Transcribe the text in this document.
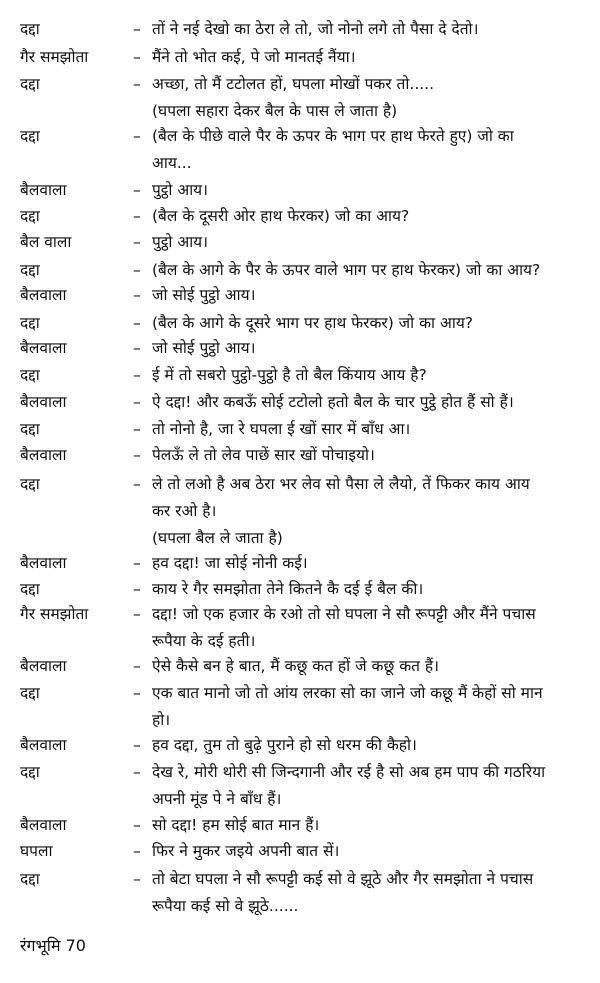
दद्दा	– तों ने नई देखो का ठेरा ले तो, जो नोनो लगे तो पैसा दे देतो।
गैर समझोता	– मैंने तो भोत कई, पे जो मानतई नैंया।
दद्दा	– अच्छा, तो मैं टटोलत हों, घपला मोखों पकर तो.....
(घपला सहारा देकर बैल के पास ले जाता है)
दद्दा	– (बैल के पीछे वाले पैर के ऊपर के भाग पर हाथ फेरते हुए) जो का
आय...
बैलवाला	– पुट्ठो आय।
दद्दा	– (बैल के दूसरी ओर हाथ फेरकर) जो का आय?
बैल वाला	– पुट्ठो आय।
दद्दा	– (बैल के आगे के पैर के ऊपर वाले भाग पर हाथ फेरकर) जो का आय?
बैलवाला	– जो सोई पुट्ठो आय।
दद्दा	– (बैल के आगे के दूसरे भाग पर हाथ फेरकर) जो का आय?
बैलवाला	– जो सोई पुट्ठो आय।
दद्दा	– ई में तो सबरो पुट्ठो-पुट्ठो है तो बैल किंयाय आय है?
बैलवाला	– ऐ दद्दा! और कबऊँ सोई टटोलो हतो बैल के चार पुट्ठे होत हैं सो हैं।
दद्दा	– तो नोनो है, जा रे घपला ई खों सार में बाँध आ।
बैलवाला	– पेलऊँ ले तो लेव पाछें सार खों पोचाइयो।
दद्दा	– ले तो लओ है अब ठेरा भर लेव सो पैसा ले लैयो, तें फिकर काय आय
कर रओ है।
(घपला बैल ले जाता है)
बैलवाला	– हव दद्दा! जा सोई नोनी कई।
दद्दा	– काय रे गैर समझोता तेने कितने कै दई ई बैल की।
गैर समझोता	– दद्दा! जो एक हजार के रओ तो सो घपला ने सौ रूपट्टी और मैंने पचास
रूपैया के दई हती।
बैलवाला	– ऐसे कैसे बन हे बात, मैं कछू कत हों जे कछू कत हैं।
दद्दा	– एक बात मानो जो तो आंय लरका सो का जाने जो कछू मैं केहों सो मान
हो।
बैलवाला	– हव दद्दा, तुम तो बुढ़े पुराने हो सो धरम की कैहो।
दद्दा	– देख रे, मोरी थोरी सी जिन्दगानी और रई है सो अब हम पाप की गठरिया
अपनी मूंड पे ने बाँध हैं।
बैलवाला	– सो दद्दा! हम सोई बात मान हैं।
घपला	– फिर ने मुकर जइये अपनी बात सें।
दद्दा	– तो बेटा घपला ने सौ रूपट्टी कई सो वे झूठे और गैर समझोता ने पचास
रूपैया कई सो वे झूठे......
रंगभूमि 70
